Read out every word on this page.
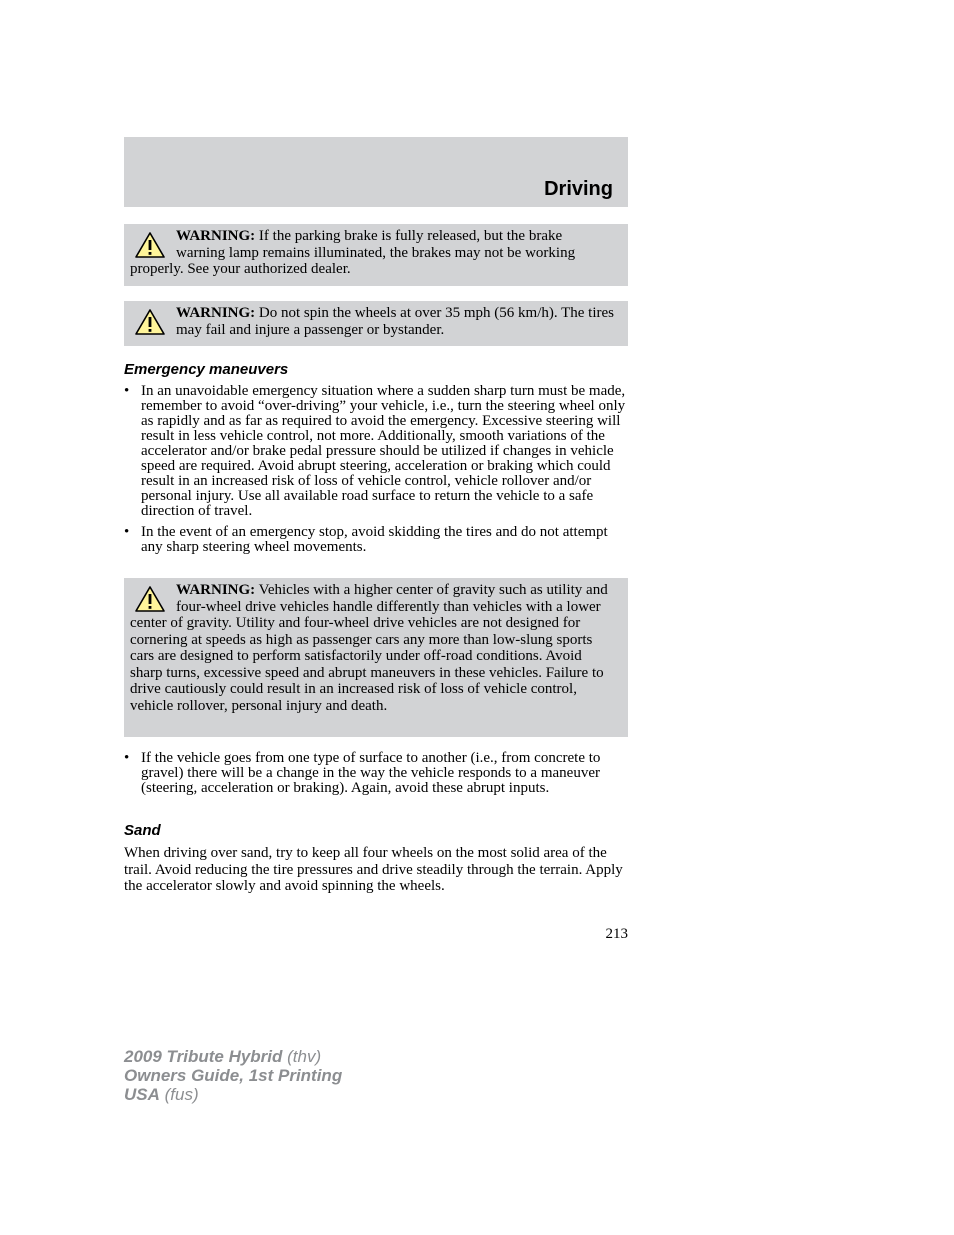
Driving
WARNING: If the parking brake is fully released, but the brake warning lamp remains illuminated, the brakes may not be working properly. See your authorized dealer.
WARNING: Do not spin the wheels at over 35 mph (56 km/h). The tires may fail and injure a passenger or bystander.
Emergency maneuvers
• In an unavoidable emergency situation where a sudden sharp turn must be made, remember to avoid “over-driving” your vehicle, i.e., turn the steering wheel only as rapidly and as far as required to avoid the emergency. Excessive steering will result in less vehicle control, not more. Additionally, smooth variations of the accelerator and/or brake pedal pressure should be utilized if changes in vehicle speed are required. Avoid abrupt steering, acceleration or braking which could result in an increased risk of loss of vehicle control, vehicle rollover and/or personal injury. Use all available road surface to return the vehicle to a safe direction of travel.
• In the event of an emergency stop, avoid skidding the tires and do not attempt any sharp steering wheel movements.
WARNING: Vehicles with a higher center of gravity such as utility and four-wheel drive vehicles handle differently than vehicles with a lower center of gravity. Utility and four-wheel drive vehicles are not designed for cornering at speeds as high as passenger cars any more than low-slung sports cars are designed to perform satisfactorily under off-road conditions. Avoid sharp turns, excessive speed and abrupt maneuvers in these vehicles. Failure to drive cautiously could result in an increased risk of loss of vehicle control, vehicle rollover, personal injury and death.
• If the vehicle goes from one type of surface to another (i.e., from concrete to gravel) there will be a change in the way the vehicle responds to a maneuver (steering, acceleration or braking). Again, avoid these abrupt inputs.
Sand
When driving over sand, try to keep all four wheels on the most solid area of the trail. Avoid reducing the tire pressures and drive steadily through the terrain. Apply the accelerator slowly and avoid spinning the wheels.
213
2009 Tribute Hybrid (thv)
Owners Guide, 1st Printing
USA (fus)
